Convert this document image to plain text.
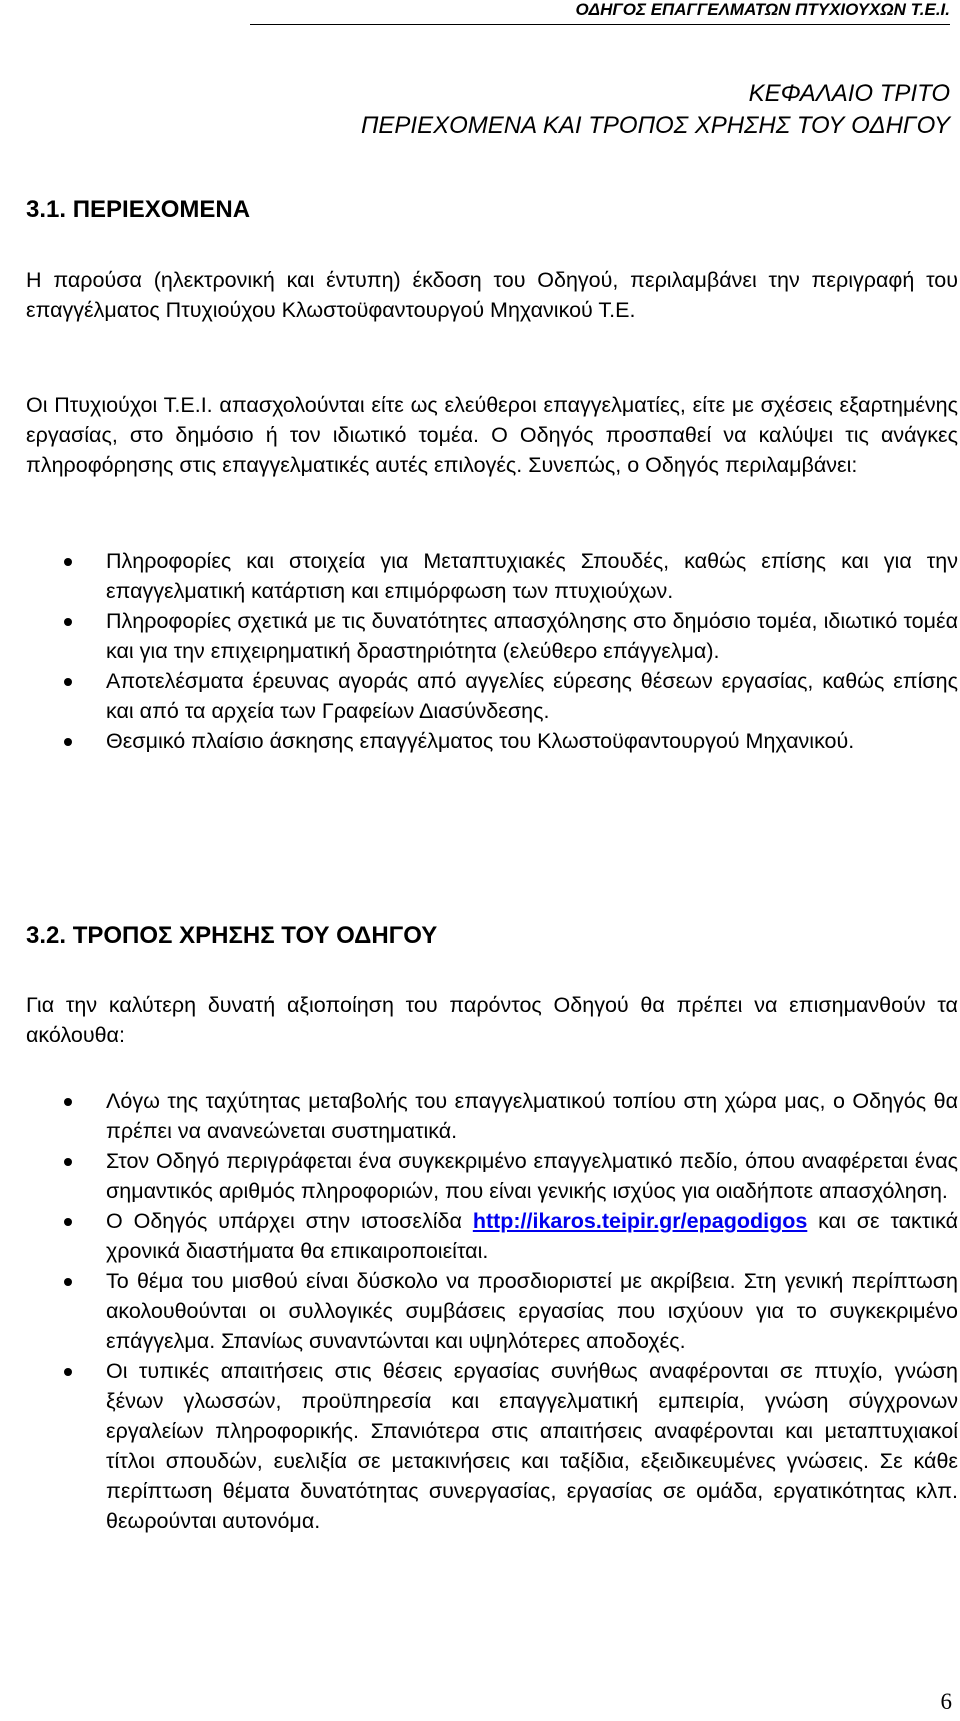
ΟΔΗΓΟΣ ΕΠΑΓΓΕΛΜΑΤΩΝ ΠΤΥΧΙΟΥΧΩΝ Τ.Ε.Ι.
ΚΕΦΑΛΑΙΟ ΤΡΙΤΟ
ΠΕΡΙΕΧΟΜΕΝΑ ΚΑΙ ΤΡΟΠΟΣ ΧΡΗΣΗΣ ΤΟΥ ΟΔΗΓΟΥ
3.1. ΠΕΡΙΕΧΟΜΕΝΑ
Η παρούσα (ηλεκτρονική και έντυπη) έκδοση του Οδηγού, περιλαμβάνει την περιγραφή του επαγγέλματος Πτυχιούχου Κλωστοϋφαντουργού Μηχανικού Τ.Ε.
Οι Πτυχιούχοι Τ.Ε.Ι. απασχολούνται είτε ως ελεύθεροι επαγγελματίες, είτε με σχέσεις εξαρτημένης εργασίας, στο δημόσιο ή τον ιδιωτικό τομέα. Ο Οδηγός προσπαθεί να καλύψει τις ανάγκες πληροφόρησης στις επαγγελματικές αυτές επιλογές. Συνεπώς, ο Οδηγός περιλαμβάνει:
Πληροφορίες και στοιχεία για Μεταπτυχιακές Σπουδές, καθώς επίσης και για την επαγγελματική κατάρτιση και επιμόρφωση των πτυχιούχων.
Πληροφορίες σχετικά με τις δυνατότητες απασχόλησης στο δημόσιο τομέα, ιδιωτικό τομέα και για την επιχειρηματική δραστηριότητα (ελεύθερο επάγγελμα).
Αποτελέσματα έρευνας αγοράς από αγγελίες εύρεσης θέσεων εργασίας, καθώς επίσης και από τα αρχεία των Γραφείων Διασύνδεσης.
Θεσμικό πλαίσιο άσκησης επαγγέλματος του Κλωστοϋφαντουργού Μηχανικού.
3.2. ΤΡΟΠΟΣ ΧΡΗΣΗΣ ΤΟΥ ΟΔΗΓΟΥ
Για την καλύτερη δυνατή αξιοποίηση του παρόντος Οδηγού θα πρέπει να επισημανθούν τα ακόλουθα:
Λόγω της ταχύτητας μεταβολής του επαγγελματικού τοπίου στη χώρα μας, ο Οδηγός θα πρέπει να ανανεώνεται συστηματικά.
Στον Οδηγό περιγράφεται ένα συγκεκριμένο επαγγελματικό πεδίο, όπου αναφέρεται ένας σημαντικός αριθμός πληροφοριών, που είναι γενικής ισχύος για οιαδήποτε απασχόληση.
Ο Οδηγός υπάρχει στην ιστοσελίδα http://ikaros.teipir.gr/epagodigos και σε τακτικά χρονικά διαστήματα θα επικαιροποιείται.
Το θέμα του μισθού είναι δύσκολο να προσδιοριστεί με ακρίβεια. Στη γενική περίπτωση ακολουθούνται οι συλλογικές συμβάσεις εργασίας που ισχύουν για το συγκεκριμένο επάγγελμα. Σπανίως συναντώνται και υψηλότερες αποδοχές.
Οι τυπικές απαιτήσεις στις θέσεις εργασίας συνήθως αναφέρονται σε πτυχίο, γνώση ξένων γλωσσών, προϋπηρεσία και επαγγελματική εμπειρία, γνώση σύγχρονων εργαλείων πληροφορικής. Σπανιότερα στις απαιτήσεις αναφέρονται και μεταπτυχιακοί τίτλοι σπουδών, ευελιξία σε μετακινήσεις και ταξίδια, εξειδικευμένες γνώσεις. Σε κάθε περίπτωση θέματα δυνατότητας συνεργασίας, εργασίας σε ομάδα, εργατικότητας κλπ. θεωρούνται αυτονόμα.
6
